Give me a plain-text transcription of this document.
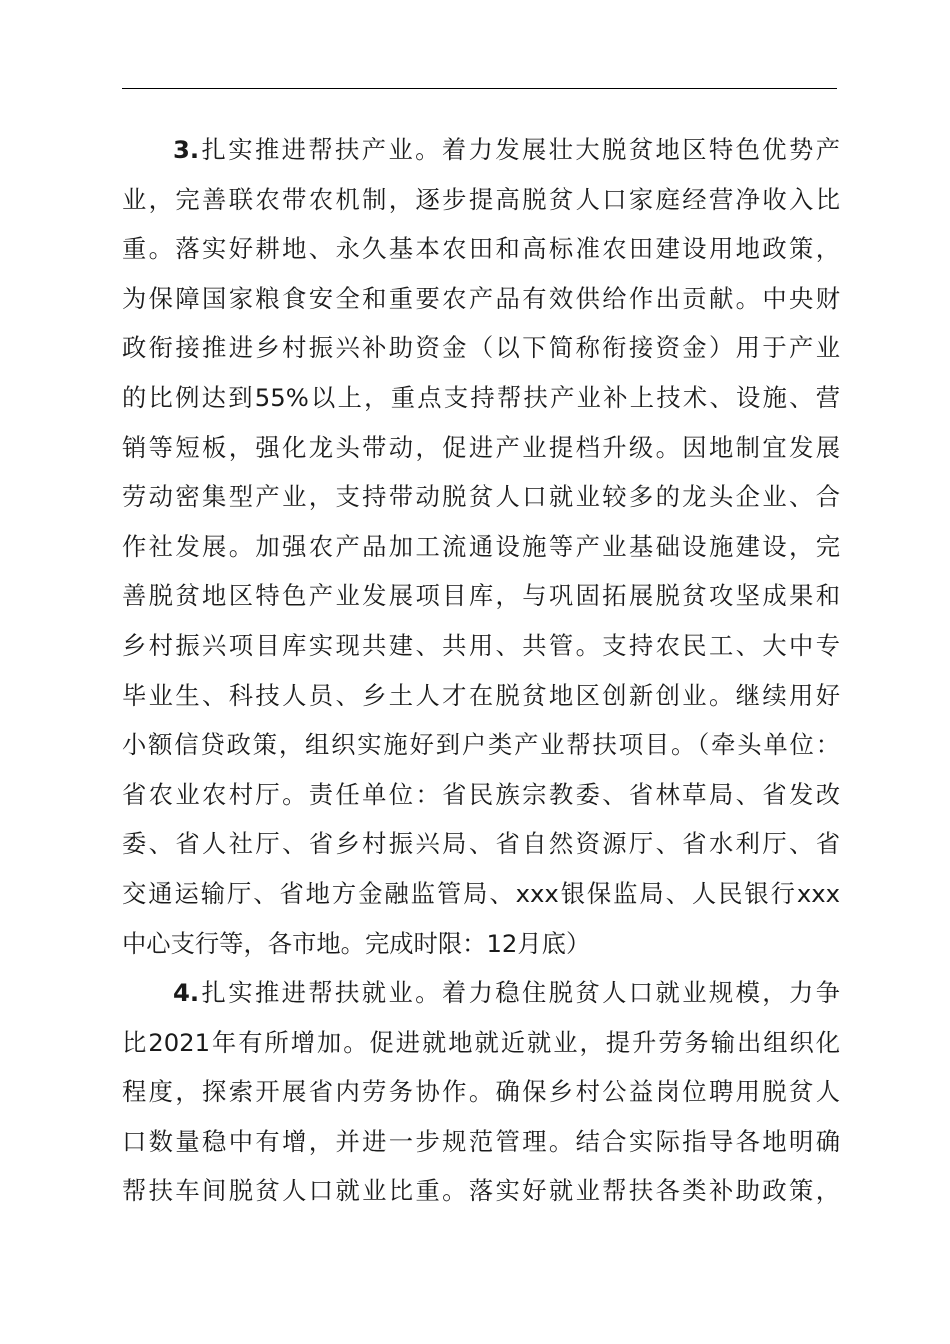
3.扎实推进帮扶产业。着力发展壮大脱贫地区特色优势产
业，完善联农带农机制，逐步提高脱贫人口家庭经营净收入比
重。落实好耕地、永久基本农田和高标准农田建设用地政策，
为保障国家粮食安全和重要农产品有效供给作出贡献。中央财
政衔接推进乡村振兴补助资金（以下简称衔接资金）用于产业
的比例达到55%以上，重点支持帮扶产业补上技术、设施、营
销等短板，强化龙头带动，促进产业提档升级。因地制宜发展
劳动密集型产业，支持带动脱贫人口就业较多的龙头企业、合
作社发展。加强农产品加工流通设施等产业基础设施建设，完
善脱贫地区特色产业发展项目库，与巩固拓展脱贫攻坚成果和
乡村振兴项目库实现共建、共用、共管。支持农民工、大中专
毕业生、科技人员、乡土人才在脱贫地区创新创业。继续用好
小额信贷政策，组织实施好到户类产业帮扶项目。（牵头单位：
省农业农村厅。责任单位：省民族宗教委、省林草局、省发改
委、省人社厅、省乡村振兴局、省自然资源厅、省水利厅、省
交通运输厅、省地方金融监管局、xxx银保监局、人民银行xxx
中心支行等，各市地。完成时限：12月底）
4.扎实推进帮扶就业。着力稳住脱贫人口就业规模，力争
比2021年有所增加。促进就地就近就业，提升劳务输出组织化
程度，探索开展省内劳务协作。确保乡村公益岗位聘用脱贫人
口数量稳中有增，并进一步规范管理。结合实际指导各地明确
帮扶车间脱贫人口就业比重。落实好就业帮扶各类补助政策，
